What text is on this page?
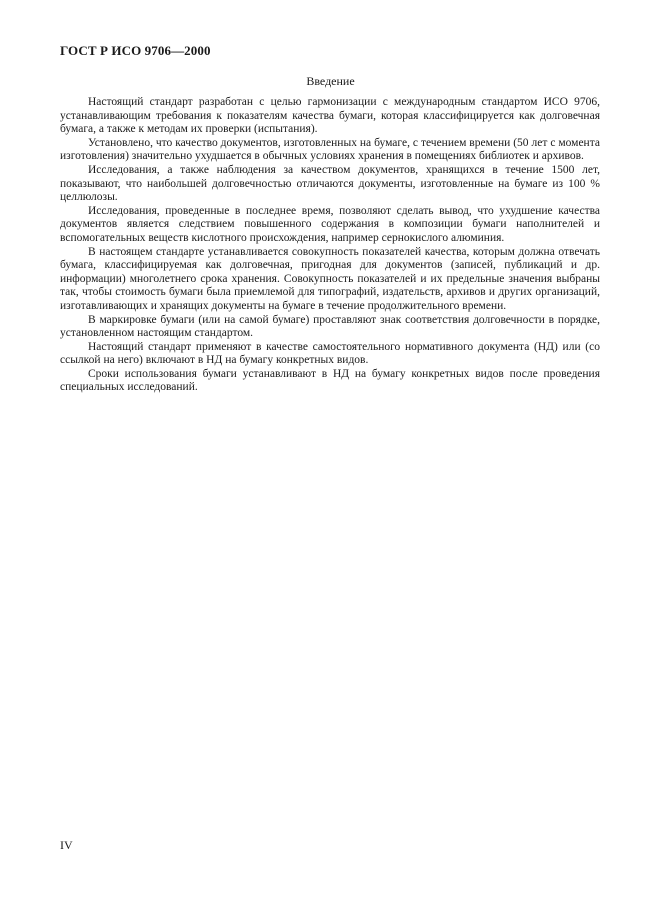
ГОСТ Р ИСО 9706—2000
Введение

Настоящий стандарт разработан с целью гармонизации с международным стандартом ИСО 9706, устанавливающим требования к показателям качества бумаги, которая классифицируется как долговечная бумага, а также к методам их проверки (испытания).

Установлено, что качество документов, изготовленных на бумаге, с течением времени (50 лет с момента изготовления) значительно ухудшается в обычных условиях хранения в помещениях библиотек и архивов.

Исследования, а также наблюдения за качеством документов, хранящихся в течение 1500 лет, показывают, что наибольшей долговечностью отличаются документы, изготовленные на бумаге из 100 % целлюлозы.

Исследования, проведенные в последнее время, позволяют сделать вывод, что ухудшение качества документов является следствием повышенного содержания в композиции бумаги наполнителей и вспомогательных веществ кислотного происхождения, например сернокислого алюминия.

В настоящем стандарте устанавливается совокупность показателей качества, которым должна отвечать бумага, классифицируемая как долговечная, пригодная для документов (записей, публикаций и др. информации) многолетнего срока хранения. Совокупность показателей и их предельные значения выбраны так, чтобы стоимость бумаги была приемлемой для типографий, издательств, архивов и других организаций, изготавливающих и хранящих документы на бумаге в течение продолжительного времени.

В маркировке бумаги (или на самой бумаге) проставляют знак соответствия долговечности в порядке, установленном настоящим стандартом.

Настоящий стандарт применяют в качестве самостоятельного нормативного документа (НД) или (со ссылкой на него) включают в НД на бумагу конкретных видов.

Сроки использования бумаги устанавливают в НД на бумагу конкретных видов после проведения специальных исследований.

IV
